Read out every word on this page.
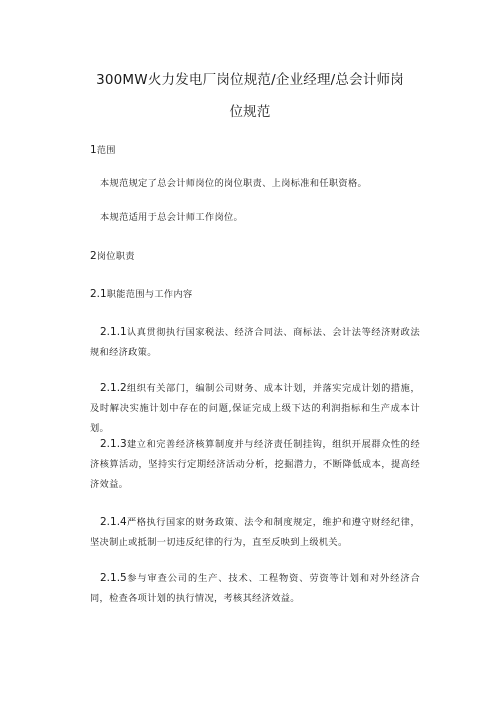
300MW火力发电厂岗位规范/企业经理/总会计师岗
位规范
1范围
本规范规定了总会计师岗位的岗位职责、上岗标准和任职资格。
本规范适用于总会计师工作岗位。
2岗位职责
2.1职能范围与工作内容
2.1.1认真贯彻执行国家税法、经济合同法、商标法、会计法等经济财政法规和经济政策。
2.1.2组织有关部门，编制公司财务、成本计划，并落实完成计划的措施，及时解决实施计划中存在的问题,保证完成上级下达的利润指标和生产成本计划。
2.1.3建立和完善经济核算制度并与经济责任制挂钩，组织开展群众性的经济核算活动，坚持实行定期经济活动分析，挖掘潜力，不断降低成本，提高经济效益。
2.1.4严格执行国家的财务政策、法令和制度规定，维护和遵守财经纪律，坚决制止或抵制一切违反纪律的行为，直至反映到上级机关。
2.1.5参与审查公司的生产、技术、工程物资、劳资等计划和对外经济合同，检查各项计划的执行情况，考核其经济效益。
